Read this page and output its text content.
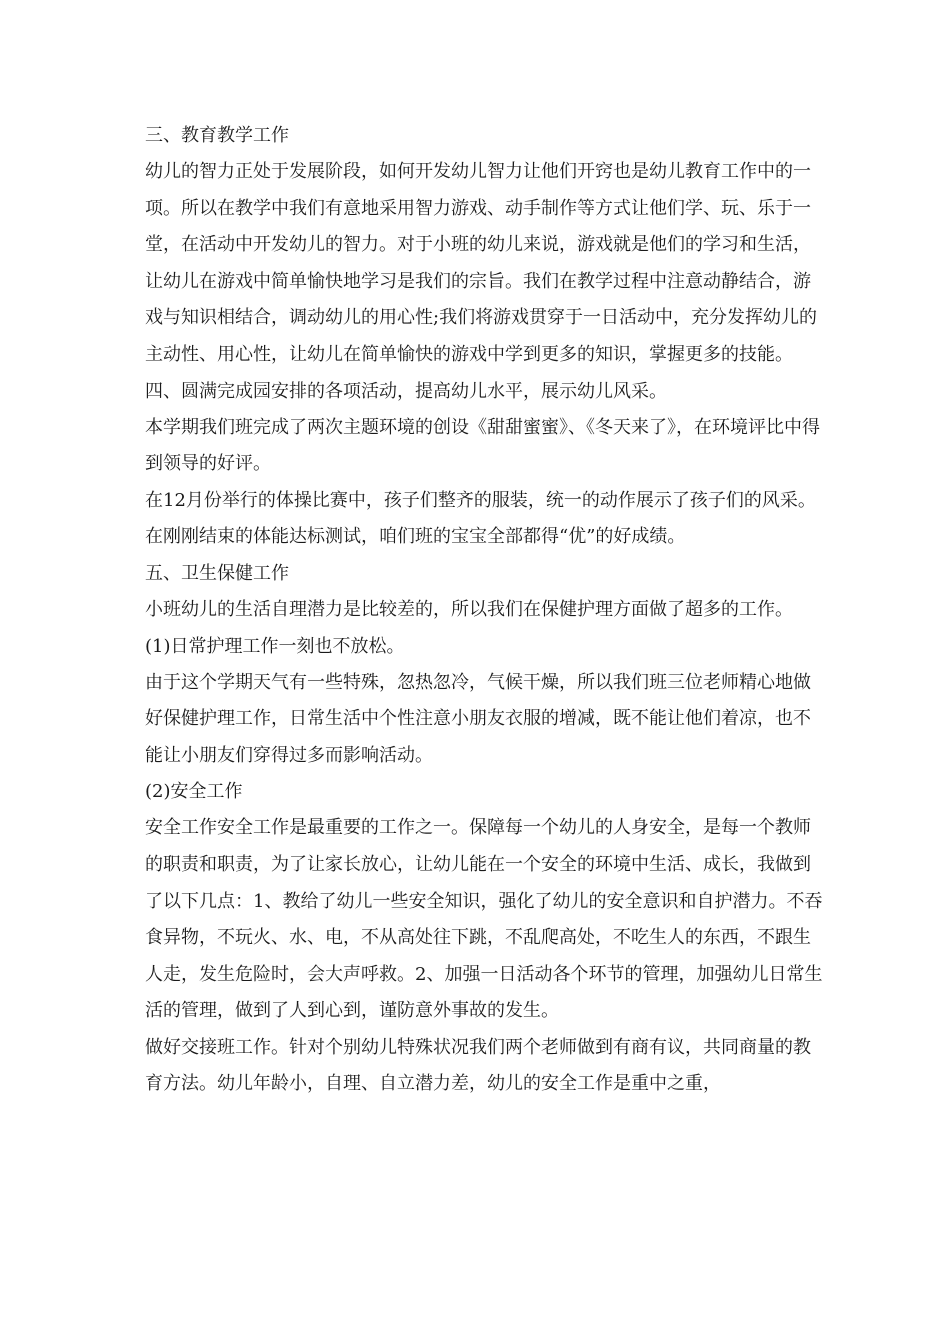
三、教育教学工作

幼儿的智力正处于发展阶段，如何开发幼儿智力让他们开窍也是幼儿教育工作中的一项。所以在教学中我们有意地采用智力游戏、动手制作等方式让他们学、玩、乐于一堂，在活动中开发幼儿的智力。对于小班的幼儿来说，游戏就是他们的学习和生活，让幼儿在游戏中简单愉快地学习是我们的宗旨。我们在教学过程中注意动静结合，游戏与知识相结合，调动幼儿的用心性;我们将游戏贯穿于一日活动中，充分发挥幼儿的主动性、用心性，让幼儿在简单愉快的游戏中学到更多的知识，掌握更多的技能。

四、圆满完成园安排的各项活动，提高幼儿水平，展示幼儿风采。

本学期我们班完成了两次主题环境的创设《甜甜蜜蜜》、《冬天来了》，在环境评比中得到领导的好评。

在12月份举行的体操比赛中，孩子们整齐的服装，统一的动作展示了孩子们的风采。在刚刚结束的体能达标测试，咱们班的宝宝全部都得“优”的好成绩。

五、卫生保健工作

小班幼儿的生活自理潜力是比较差的，所以我们在保健护理方面做了超多的工作。

(1)日常护理工作一刻也不放松。

由于这个学期天气有一些特殊，忽热忽冷，气候干燥，所以我们班三位老师精心地做好保健护理工作，日常生活中个性注意小朋友衣服的增减，既不能让他们着凉，也不能让小朋友们穿得过多而影响活动。

(2)安全工作

安全工作安全工作是最重要的工作之一。保障每一个幼儿的人身安全，是每一个教师的职责和职责，为了让家长放心，让幼儿能在一个安全的环境中生活、成长，我做到了以下几点：1、教给了幼儿一些安全知识，强化了幼儿的安全意识和自护潜力。不吞食异物，不玩火、水、电，不从高处往下跳，不乱爬高处，不吃生人的东西，不跟生人走，发生危险时，会大声呼救。2、加强一日活动各个环节的管理，加强幼儿日常生活的管理，做到了人到心到，谨防意外事故的发生。

做好交接班工作。针对个别幼儿特殊状况我们两个老师做到有商有议，共同商量的教育方法。幼儿年龄小，自理、自立潜力差，幼儿的安全工作是重中之重，
